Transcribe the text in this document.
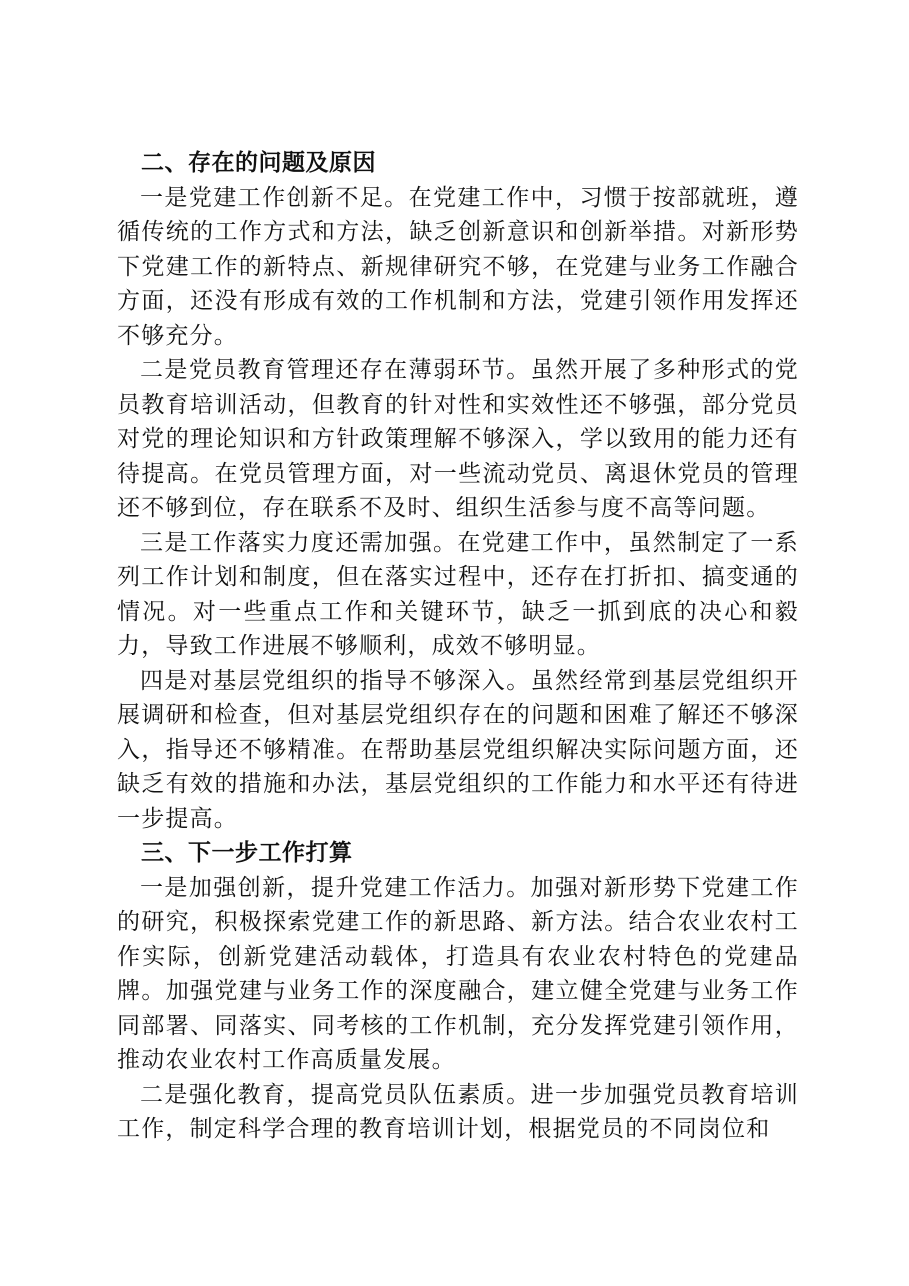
二、存在的问题及原因

一是党建工作创新不足。在党建工作中，习惯于按部就班，遵循传统的工作方式和方法，缺乏创新意识和创新举措。对新形势下党建工作的新特点、新规律研究不够，在党建与业务工作融合方面，还没有形成有效的工作机制和方法，党建引领作用发挥还不够充分。

二是党员教育管理还存在薄弱环节。虽然开展了多种形式的党员教育培训活动，但教育的针对性和实效性还不够强，部分党员对党的理论知识和方针政策理解不够深入，学以致用的能力还有待提高。在党员管理方面，对一些流动党员、离退休党员的管理还不够到位，存在联系不及时、组织生活参与度不高等问题。

三是工作落实力度还需加强。在党建工作中，虽然制定了一系列工作计划和制度，但在落实过程中，还存在打折扣、搞变通的情况。对一些重点工作和关键环节，缺乏一抓到底的决心和毅力，导致工作进展不够顺利，成效不够明显。

四是对基层党组织的指导不够深入。虽然经常到基层党组织开展调研和检查，但对基层党组织存在的问题和困难了解还不够深入，指导还不够精准。在帮助基层党组织解决实际问题方面，还缺乏有效的措施和办法，基层党组织的工作能力和水平还有待进一步提高。

三、下一步工作打算

一是加强创新，提升党建工作活力。加强对新形势下党建工作的研究，积极探索党建工作的新思路、新方法。结合农业农村工作实际，创新党建活动载体，打造具有农业农村特色的党建品牌。加强党建与业务工作的深度融合，建立健全党建与业务工作同部署、同落实、同考核的工作机制，充分发挥党建引领作用，推动农业农村工作高质量发展。

二是强化教育，提高党员队伍素质。进一步加强党员教育培训工作，制定科学合理的教育培训计划，根据党员的不同岗位和
